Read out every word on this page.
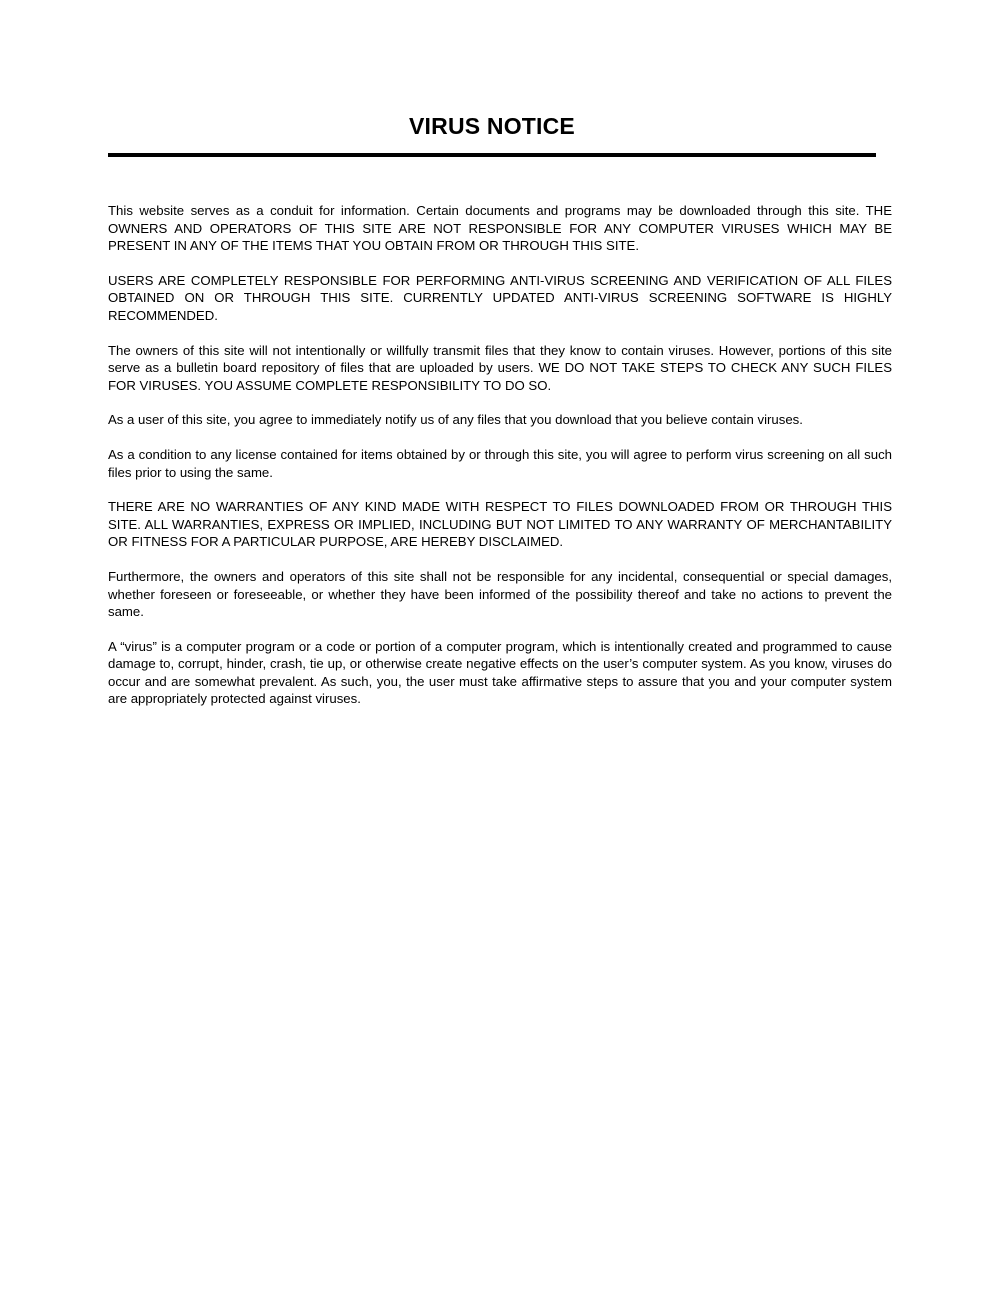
VIRUS NOTICE

This website serves as a conduit for information. Certain documents and programs may be downloaded through this site. THE OWNERS AND OPERATORS OF THIS SITE ARE NOT RESPONSIBLE FOR ANY COMPUTER VIRUSES WHICH MAY BE PRESENT IN ANY OF THE ITEMS THAT YOU OBTAIN FROM OR THROUGH THIS SITE.

USERS ARE COMPLETELY RESPONSIBLE FOR PERFORMING ANTI-VIRUS SCREENING AND VERIFICATION OF ALL FILES OBTAINED ON OR THROUGH THIS SITE. CURRENTLY UPDATED ANTI-VIRUS SCREENING SOFTWARE IS HIGHLY RECOMMENDED.

The owners of this site will not intentionally or willfully transmit files that they know to contain viruses. However, portions of this site serve as a bulletin board repository of files that are uploaded by users. WE DO NOT TAKE STEPS TO CHECK ANY SUCH FILES FOR VIRUSES. YOU ASSUME COMPLETE RESPONSIBILITY TO DO SO.

As a user of this site, you agree to immediately notify us of any files that you download that you believe contain viruses.

As a condition to any license contained for items obtained by or through this site, you will agree to perform virus screening on all such files prior to using the same.

THERE ARE NO WARRANTIES OF ANY KIND MADE WITH RESPECT TO FILES DOWNLOADED FROM OR THROUGH THIS SITE. ALL WARRANTIES, EXPRESS OR IMPLIED, INCLUDING BUT NOT LIMITED TO ANY WARRANTY OF MERCHANTABILITY OR FITNESS FOR A PARTICULAR PURPOSE, ARE HEREBY DISCLAIMED.

Furthermore, the owners and operators of this site shall not be responsible for any incidental, consequential or special damages, whether foreseen or foreseeable, or whether they have been informed of the possibility thereof and take no actions to prevent the same.

A “virus” is a computer program or a code or portion of a computer program, which is intentionally created and programmed to cause damage to, corrupt, hinder, crash, tie up, or otherwise create negative effects on the user’s computer system. As you know, viruses do occur and are somewhat prevalent. As such, you, the user must take affirmative steps to assure that you and your computer system are appropriately protected against viruses.
